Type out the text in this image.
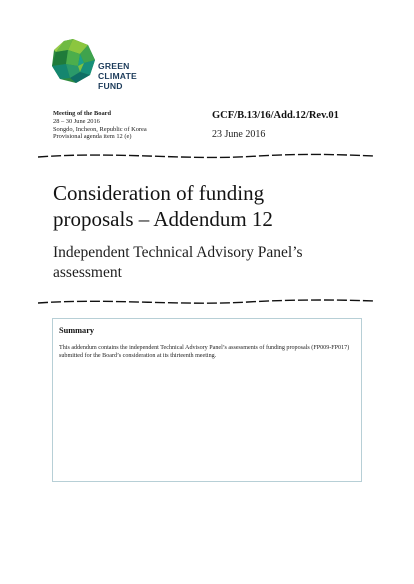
GREEN
CLIMATE
FUND
Meeting of the Board
28 – 30 June 2016
Songdo, Incheon, Republic of Korea
Provisional agenda item 12 (e)
GCF/B.13/16/Add.12/Rev.01
23 June 2016
Consideration of funding
proposals – Addendum 12
Independent Technical Advisory Panel’s
assessment
Summary
This addendum contains the independent Technical Advisory Panel’s assessments of funding proposals (FP009-FP017) submitted for the Board’s consideration at its thirteenth meeting.
